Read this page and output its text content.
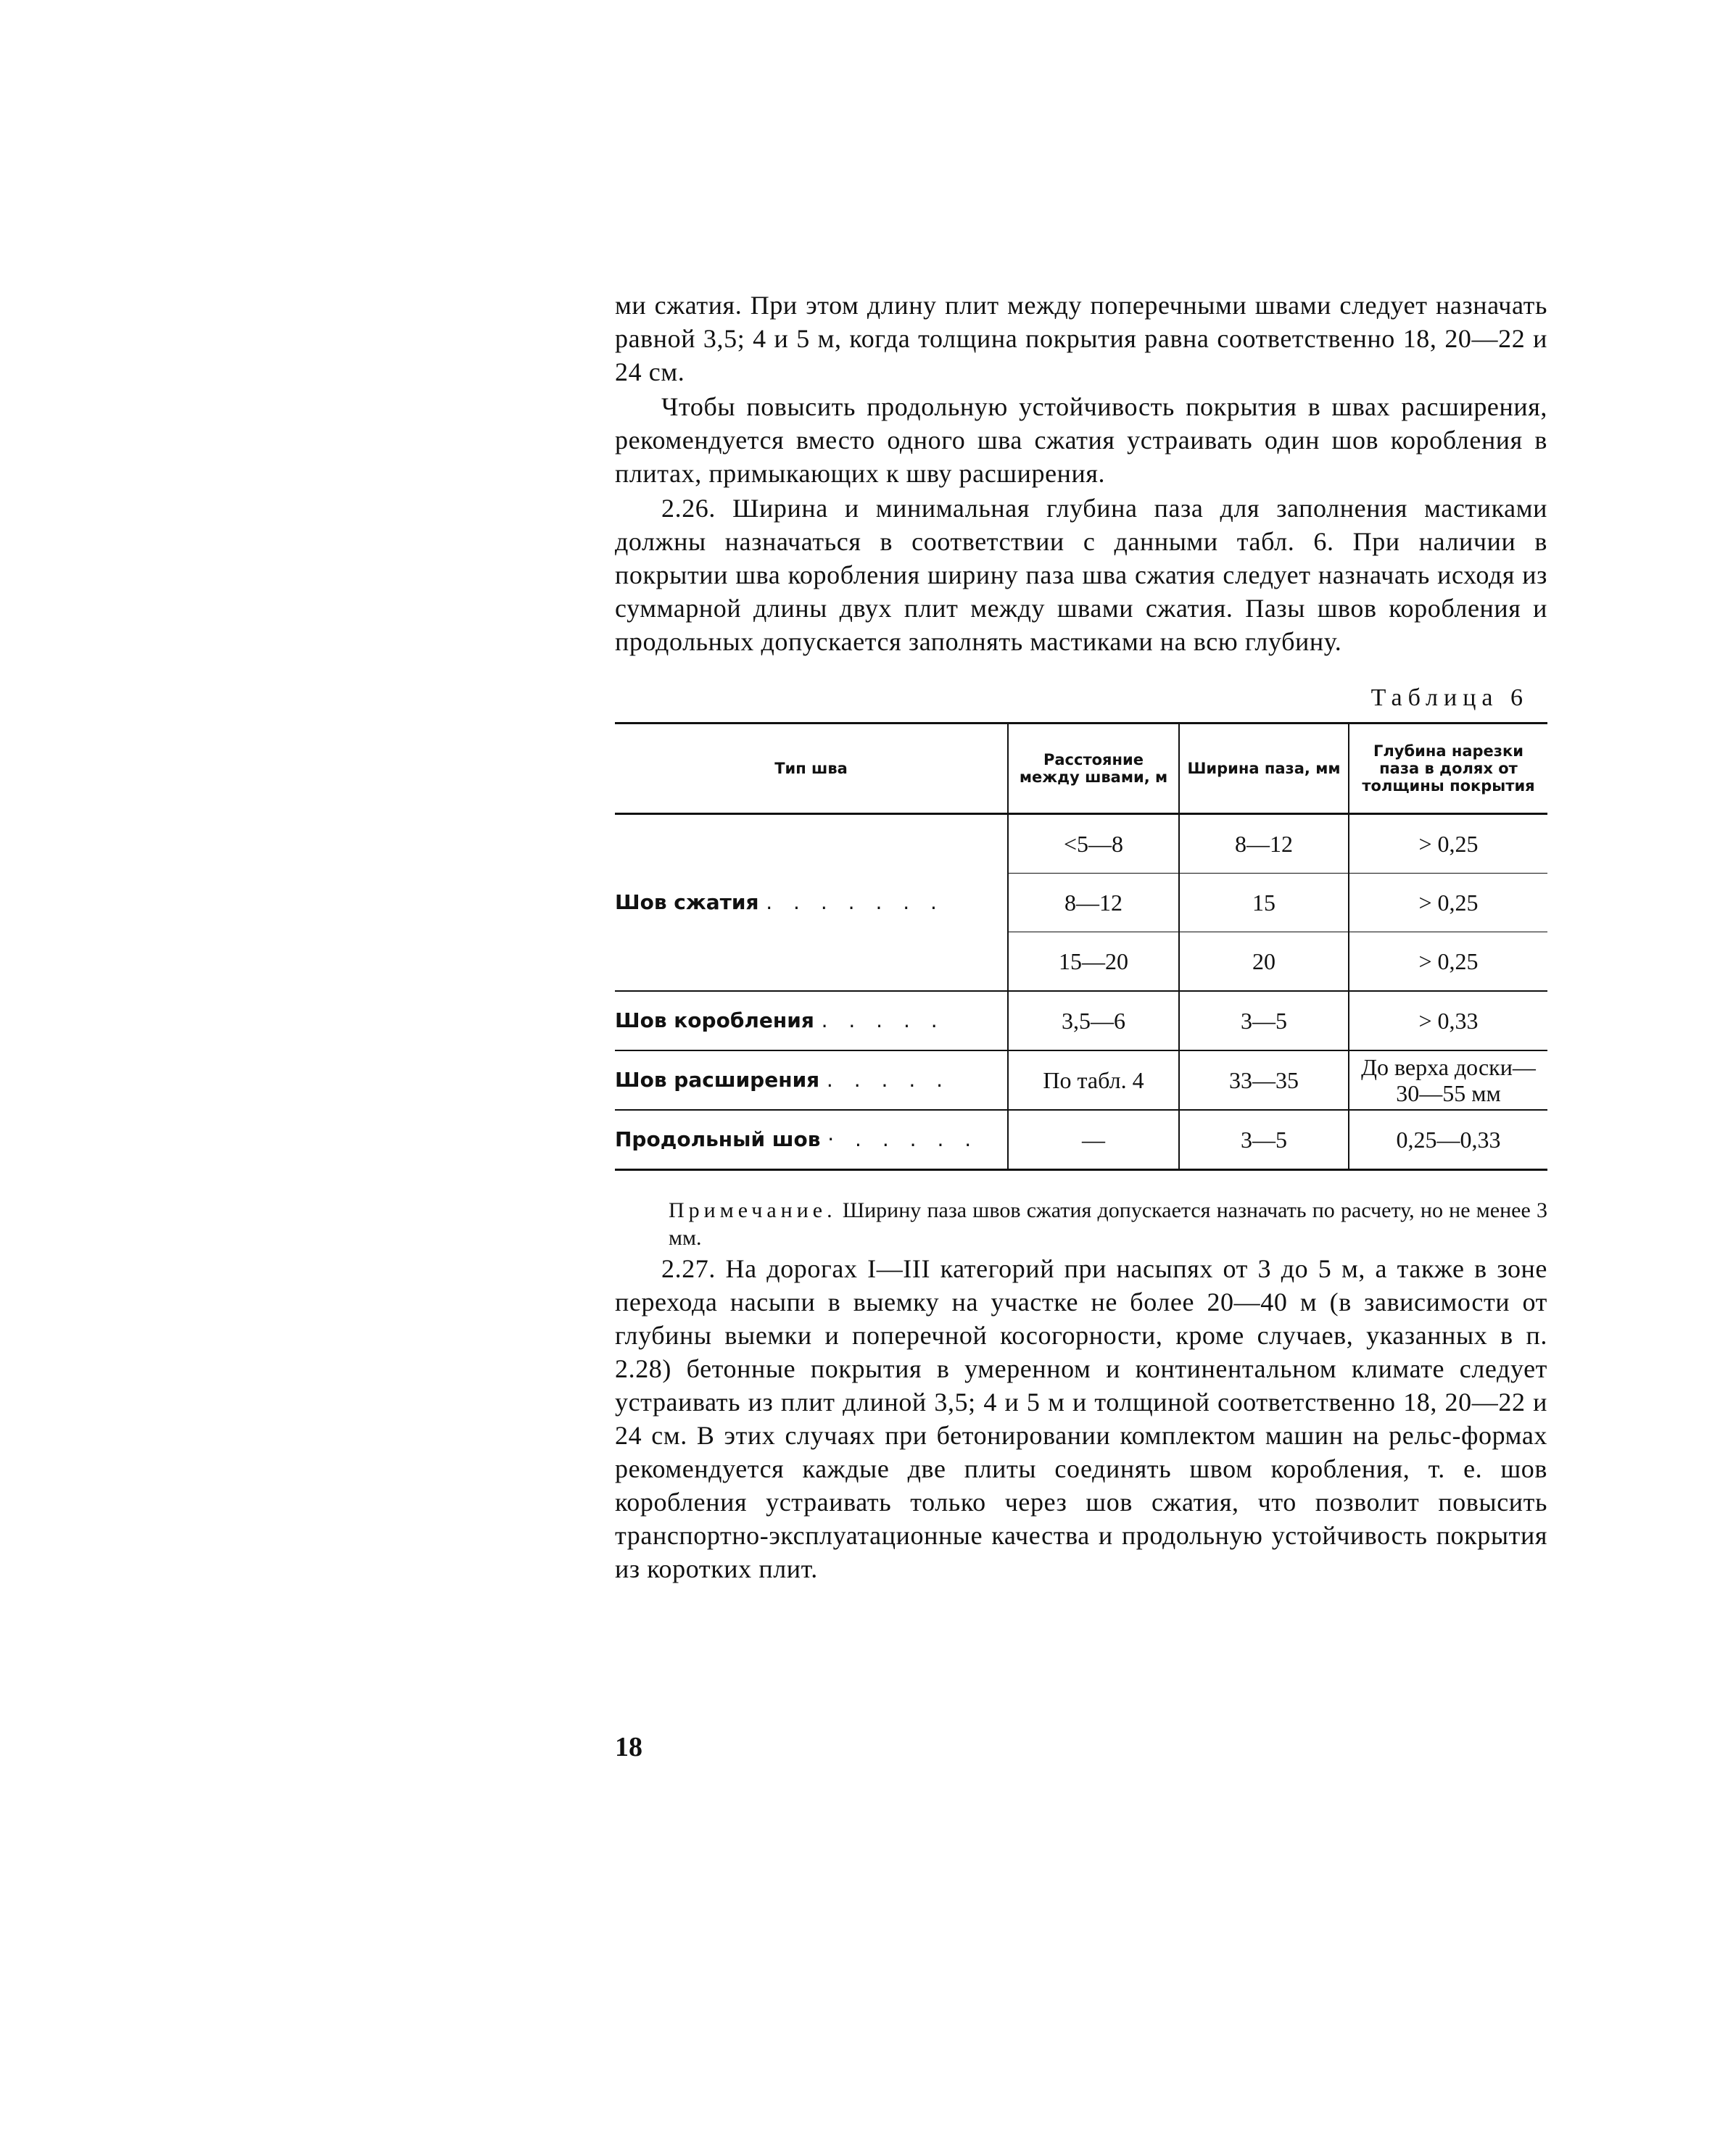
ми сжатия. При этом длину плит между поперечными швами следует назначать равной 3,5; 4 и 5 м, когда толщина покрытия равна соответственно 18, 20—22 и 24 см.

Чтобы повысить продольную устойчивость покрытия в швах расширения, рекомендуется вместо одного шва сжатия устраивать один шов коробления в плитах, примыкающих к шву расширения.

2.26. Ширина и минимальная глубина паза для заполнения мастиками должны назначаться в соответствии с данными табл. 6. При наличии в покрытии шва коробления ширину паза шва сжатия следует назначать исходя из суммарной длины двух плит между швами сжатия. Пазы швов коробления и продольных допускается заполнять мастиками на всю глубину.

Таблица 6
Тип шва	Расстояние между швами, м	Ширина паза, мм	Глубина нарезки паза в долях от толщины покрытия
Шов сжатия . . . . . . .	<5—8	8—12	> 0,25
	8—12	15	> 0,25
	15—20	20	> 0,25
Шов коробления . . . . .	3,5—6	3—5	> 0,33
Шов расширения . . . . .	По табл. 4	33—35	До верха доски—30—55 мм
Продольный шов · . . . . .	—	3—5	0,25—0,33
Примечание. Ширину паза швов сжатия допускается назначать по расчету, но не менее 3 мм.

2.27. На дорогах I—III категорий при насыпях от 3 до 5 м, а также в зоне перехода насыпи в выемку на участке не более 20—40 м (в зависимости от глубины выемки и поперечной косогорности, кроме случаев, указанных в п. 2.28) бетонные покрытия в умеренном и континентальном климате следует устраивать из плит длиной 3,5; 4 и 5 м и толщиной соответственно 18, 20—22 и 24 см. В этих случаях при бетонировании комплектом машин на рельс-формах рекомендуется каждые две плиты соединять швом коробления, т. е. шов коробления устраивать только через шов сжатия, что позволит повысить транспортно-эксплуатационные качества и продольную устойчивость покрытия из коротких плит.

18
